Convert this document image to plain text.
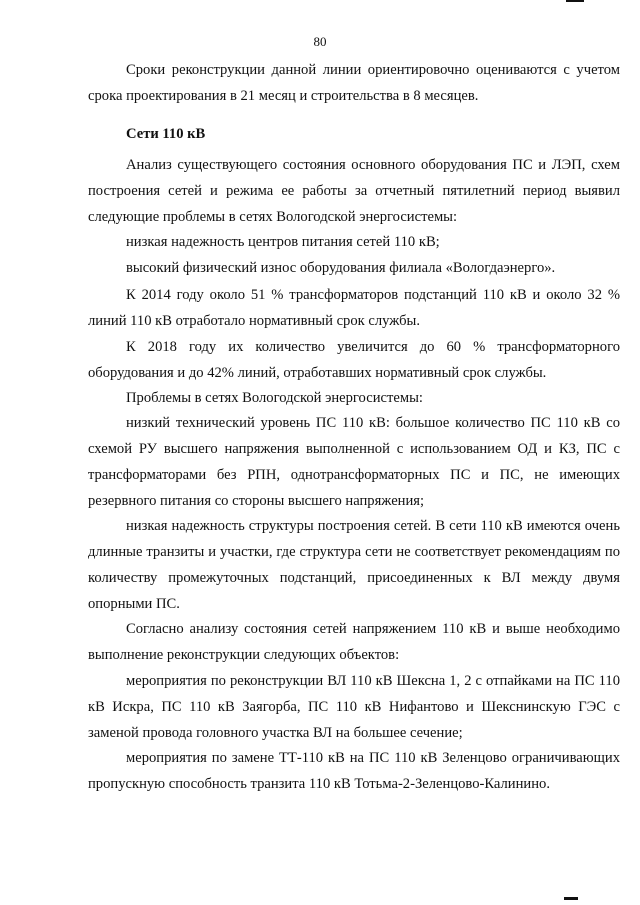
80

Сроки реконструкции данной линии ориентировочно оцениваются с учетом срока проектирования в 21 месяц и строительства в 8 месяцев.

Сети 110 кВ

Анализ существующего состояния основного оборудования ПС и ЛЭП, схем построения сетей и режима ее работы за отчетный пятилетний период выявил следующие проблемы в сетях Вологодской энергосистемы:

низкая надежность центров питания сетей 110 кВ;

высокий физический износ оборудования филиала «Вологдаэнерго».

К 2014 году около 51 % трансформаторов подстанций 110 кВ и около 32 % линий 110 кВ отработало нормативный срок службы.

К 2018 году их количество увеличится до 60 % трансформаторного оборудования и до 42% линий, отработавших нормативный срок службы.

Проблемы в сетях Вологодской энергосистемы:

низкий технический уровень ПС 110 кВ: большое количество ПС 110 кВ со схемой РУ высшего напряжения выполненной с использованием ОД и КЗ, ПС с трансформаторами без РПН, однотрансформаторных ПС и ПС, не имеющих резервного питания со стороны высшего напряжения;

низкая надежность структуры построения сетей. В сети 110 кВ имеются очень длинные транзиты и участки, где структура сети не соответствует рекомендациям по количеству промежуточных подстанций, присоединенных к ВЛ между двумя опорными ПС.

Согласно анализу состояния сетей напряжением 110 кВ и выше необходимо выполнение реконструкции следующих объектов:

мероприятия по реконструкции ВЛ 110 кВ Шексна 1, 2 с отпайками на ПС 110 кВ Искра, ПС 110 кВ Заягорба, ПС 110 кВ Нифантово и Шекснинскую ГЭС с заменой провода головного участка ВЛ на большее сечение;

мероприятия по замене ТТ-110 кВ на ПС 110 кВ Зеленцово ограничивающих пропускную способность транзита 110 кВ Тотьма-2-Зеленцово-Калинино.
